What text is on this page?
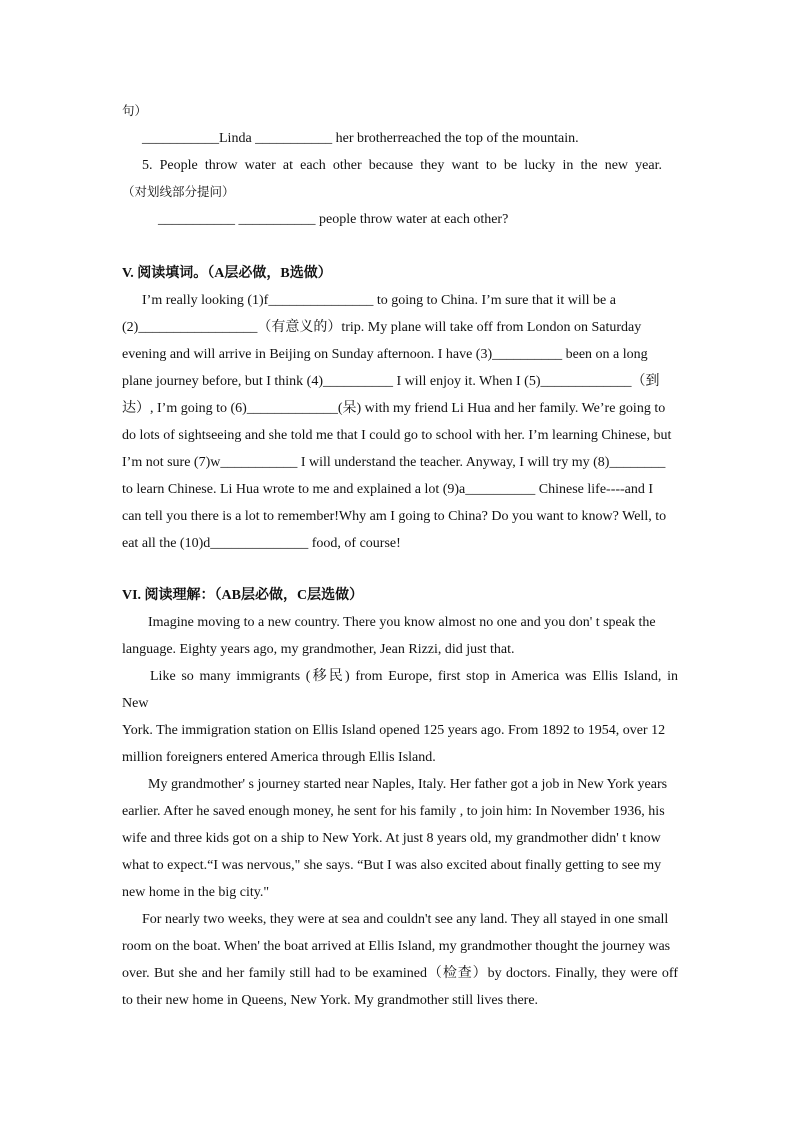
句）
___________Linda ___________ her brotherreached the top of the mountain.
5. People throw water at each other because they want to be lucky in the new year.
（对划线部分提问）
___________ ___________ people throw water at each other?
V. 阅读填词。（A层必做，B选做）
I’m really looking (1)f_______________ to going to China. I’m sure that it will be a
(2)_________________（有意义的）trip. My plane will take off from London on Saturday
evening and will arrive in Beijing on Sunday afternoon. I have (3)__________ been on a long
plane journey before, but I think (4)__________ I will enjoy it. When I (5)_____________（到
达）, I’m going to (6)_____________(呆) with my friend Li Hua and her family. We’re going to
do lots of sightseeing and she told me that I could go to school with her. I’m learning Chinese, but
I’m not sure (7)w___________ I will understand the teacher. Anyway, I will try my (8)________
to learn Chinese. Li Hua wrote to me and explained a lot (9)a__________ Chinese life----and I
can tell you there is a lot to remember!Why am I going to China? Do you want to know? Well, to
eat all the (10)d______________ food, of course!
VI. 阅读理解：（AB层必做，C层选做）
Imagine moving to a new country. There you know almost no one and you don' t speak the
language. Eighty years ago, my grandmother, Jean Rizzi, did just that.
Like so many immigrants (移民) from Europe, first stop in America was Ellis Island, in
New
York. The immigration station on Ellis Island opened 125 years ago. From 1892 to 1954, over 12
million foreigners entered America through Ellis Island.
My grandmother' s journey started near Naples, Italy. Her father got a job in New York years
earlier. After he saved enough money, he sent for his family , to join him: In November 1936, his
wife and three kids got on a ship to New York. At just 8 years old, my grandmother didn' t know
what to expect.“I was nervous," she says. “But I was also excited about finally getting to see my
new home in the big city."
For nearly two weeks, they were at sea and couldn't see any land. They all stayed in one small
room on the boat. When' the boat arrived at Ellis Island, my grandmother thought the journey was
over. But she and her family still had to be examined（检查）by doctors. Finally, they were off
to their new home in Queens, New York. My grandmother still lives there.
